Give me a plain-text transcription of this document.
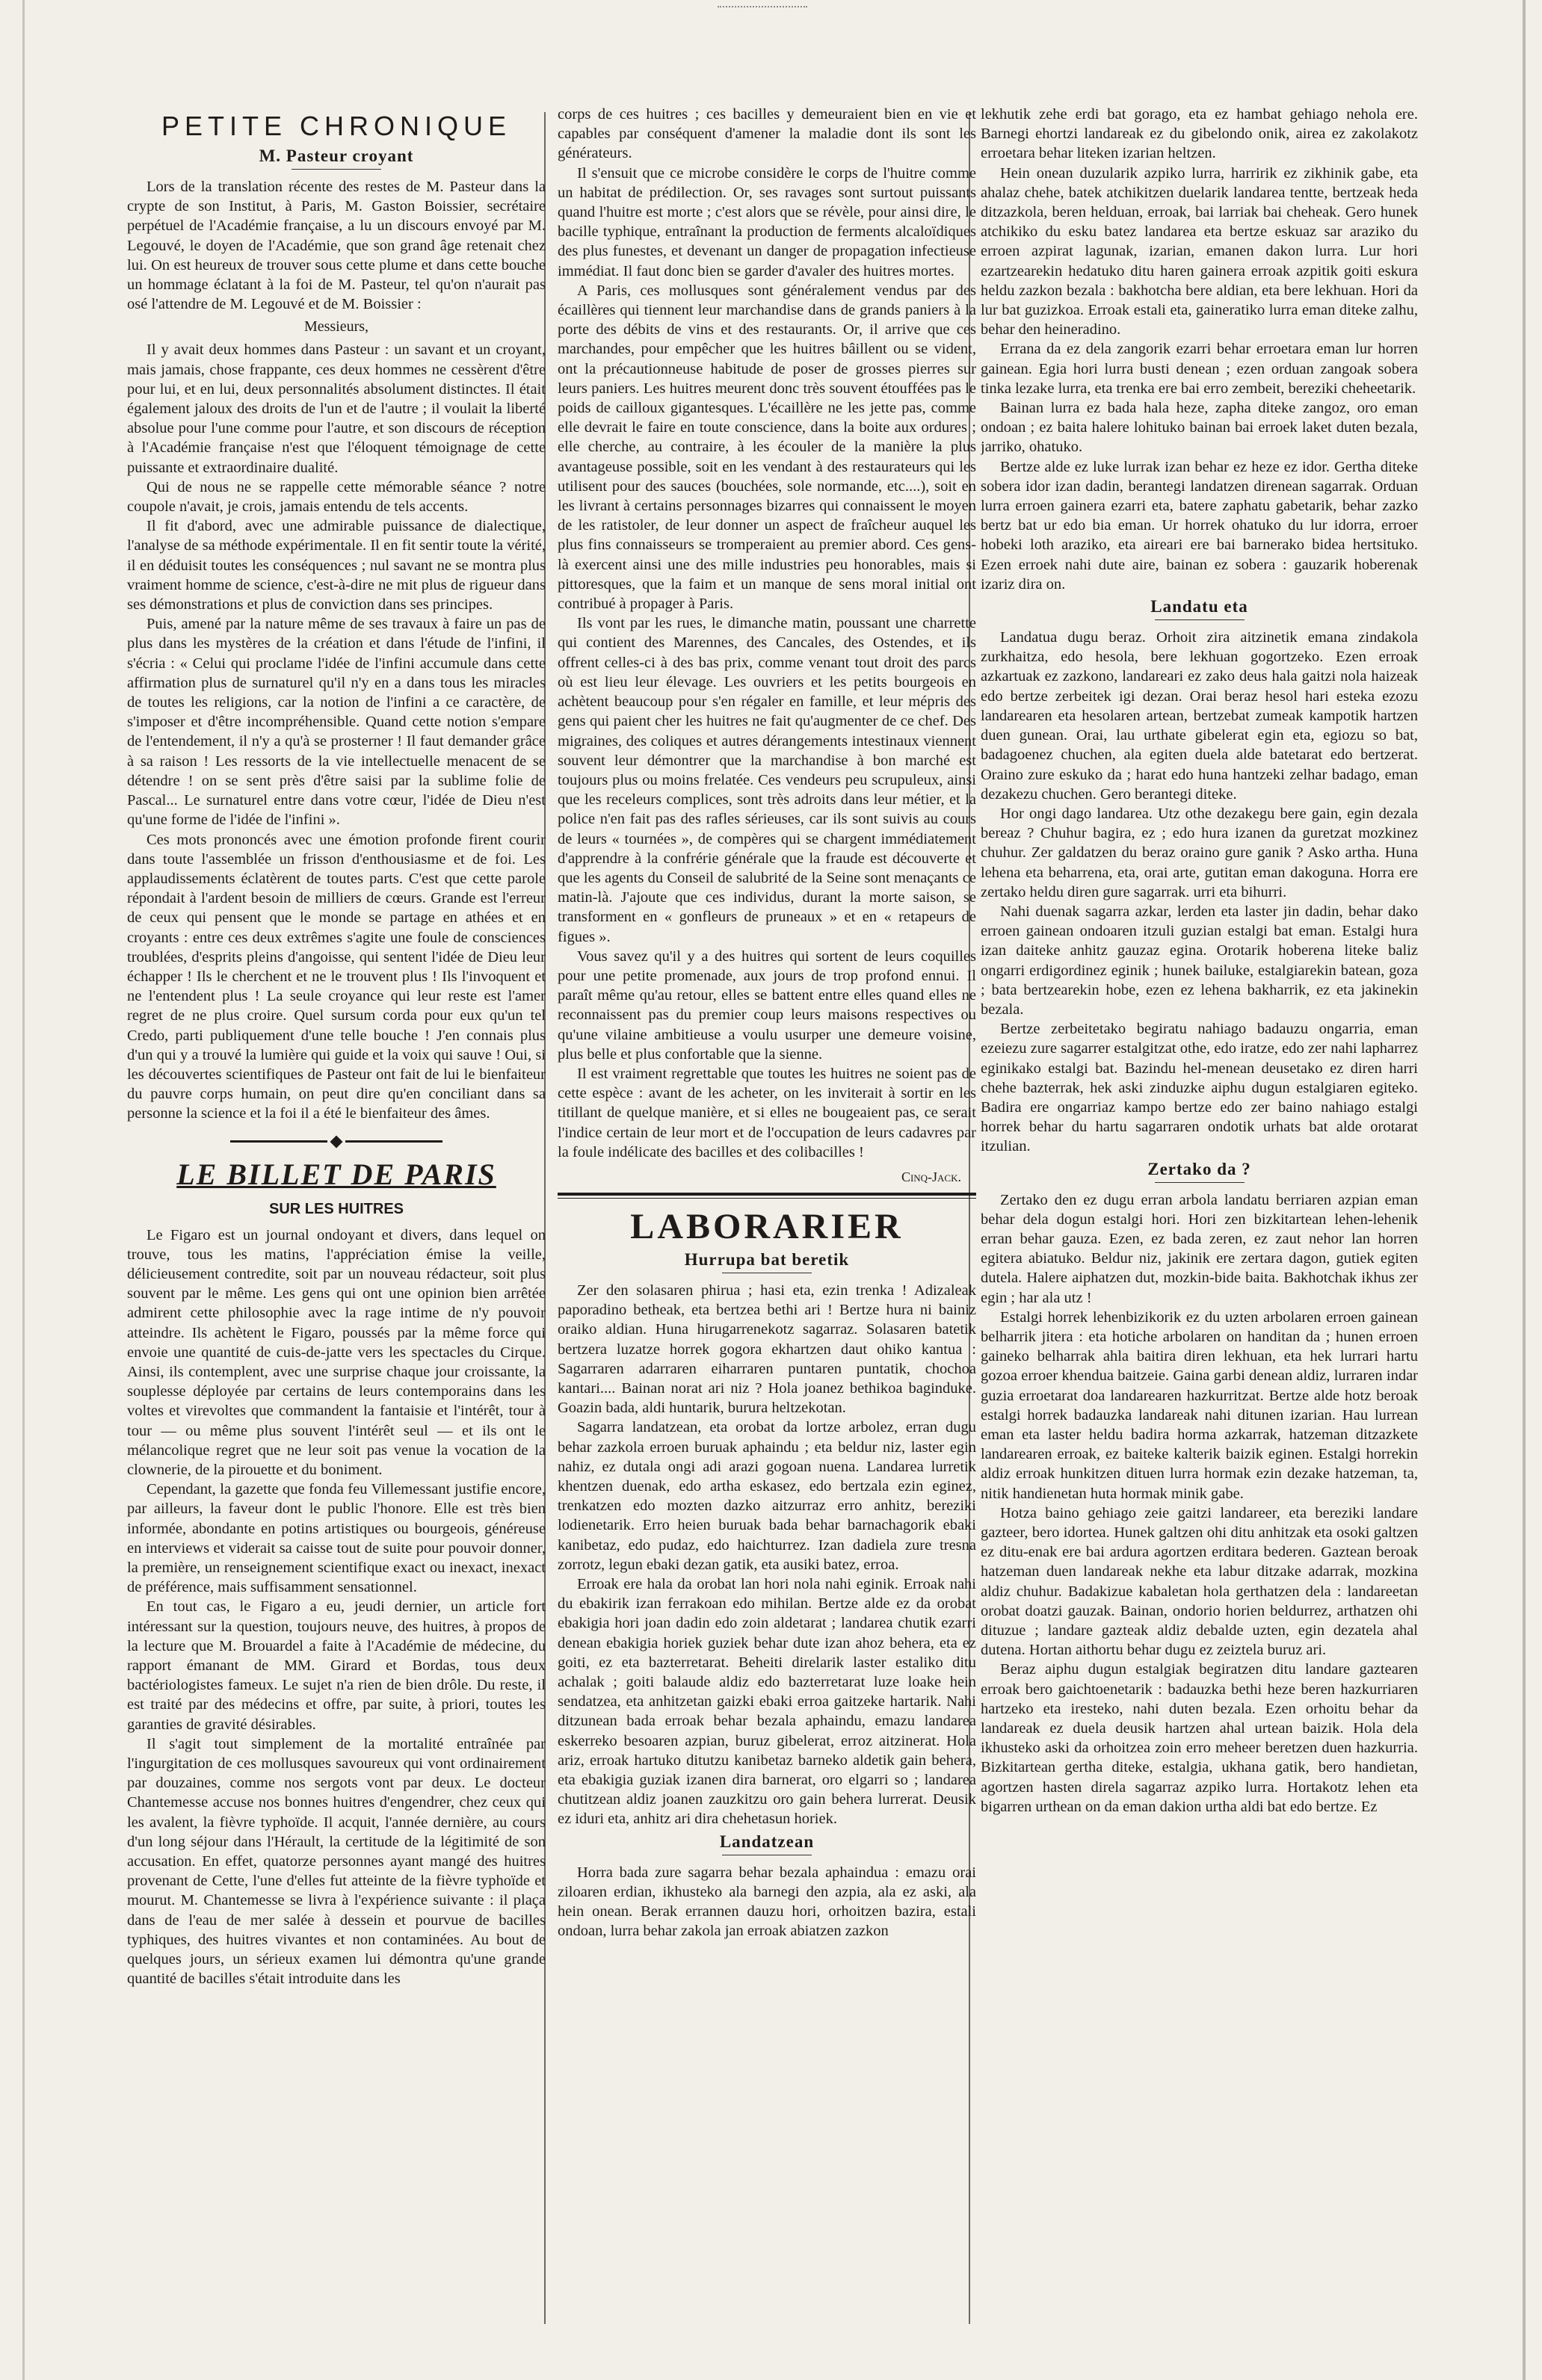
PETITE CHRONIQUE
M. Pasteur croyant

Lors de la translation récente des restes de M. Pasteur dans la crypte de son Institut, à Paris, M. Gaston Boissier, secrétaire perpétuel de l'Académie française, a lu un discours envoyé par M. Legouvé, le doyen de l'Académie, que son grand âge retenait chez lui. On est heureux de trouver sous cette plume et dans cette bouche un hommage éclatant à la foi de M. Pasteur, tel qu'on n'aurait pas osé l'attendre de M. Legouvé et de M. Boissier :

Messieurs,

Il y avait deux hommes dans Pasteur : un savant et un croyant, mais jamais, chose frappante, ces deux hommes ne cessèrent d'être pour lui, et en lui, deux personnalités absolument distinctes. Il était également jaloux des droits de l'un et de l'autre ; il voulait la liberté absolue pour l'une comme pour l'autre, et son discours de réception à l'Académie française n'est que l'éloquent témoignage de cette puissante et extraordinaire dualité.

Qui de nous ne se rappelle cette mémorable séance ? notre coupole n'avait, je crois, jamais entendu de tels accents.

Il fit d'abord, avec une admirable puissance de dialectique, l'analyse de sa méthode expérimentale. Il en fit sentir toute la vérité, il en déduisit toutes les conséquences ; nul savant ne se montra plus vraiment homme de science, c'est-à-dire ne mit plus de rigueur dans ses démonstrations et plus de conviction dans ses principes.

Puis, amené par la nature même de ses travaux à faire un pas de plus dans les mystères de la création et dans l'étude de l'infini, il s'écria : « Celui qui proclame l'idée de l'infini accumule dans cette affirmation plus de surnaturel qu'il n'y en a dans tous les miracles de toutes les religions, car la notion de l'infini a ce caractère, de s'imposer et d'être incompréhensible. Quand cette notion s'empare de l'entendement, il n'y a qu'à se prosterner ! Il faut demander grâce à sa raison ! Les ressorts de la vie intellectuelle menacent de se détendre ! on se sent près d'être saisi par la sublime folie de Pascal... Le surnaturel entre dans votre cœur, l'idée de Dieu n'est qu'une forme de l'idée de l'infini ».

Ces mots prononcés avec une émotion profonde firent courir dans toute l'assemblée un frisson d'enthousiasme et de foi. Les applaudissements éclatèrent de toutes parts. C'est que cette parole répondait à l'ardent besoin de milliers de cœurs. Grande est l'erreur de ceux qui pensent que le monde se partage en athées et en croyants : entre ces deux extrêmes s'agite une foule de consciences troublées, d'esprits pleins d'angoisse, qui sentent l'idée de Dieu leur échapper ! Ils le cherchent et ne le trouvent plus ! Ils l'invoquent et ne l'entendent plus ! La seule croyance qui leur reste est l'amer regret de ne plus croire. Quel sursum corda pour eux qu'un tel Credo, parti publiquement d'une telle bouche ! J'en connais plus d'un qui y a trouvé la lumière qui guide et la voix qui sauve ! Oui, si les découvertes scientifiques de Pasteur ont fait de lui le bienfaiteur du pauvre corps humain, on peut dire qu'en conciliant dans sa personne la science et la foi il a été le bienfaiteur des âmes.

LE BILLET DE PARIS
SUR LES HUITRES

Le Figaro est un journal ondoyant et divers, dans lequel on trouve, tous les matins, l'appréciation émise la veille, délicieusement contredite, soit par un nouveau rédacteur, soit plus souvent par le même. Les gens qui ont une opinion bien arrêtée admirent cette philosophie avec la rage intime de n'y pouvoir atteindre. Ils achètent le Figaro, poussés par la même force qui envoie une quantité de cuis-de-jatte vers les spectacles du Cirque. Ainsi, ils contemplent, avec une surprise chaque jour croissante, la souplesse déployée par certains de leurs contemporains dans les voltes et virevoltes que commandent la fantaisie et l'intérêt, tour à tour — ou même plus souvent l'intérêt seul — et ils ont le mélancolique regret que ne leur soit pas venue la vocation de la clownerie, de la pirouette et du boniment.

Cependant, la gazette que fonda feu Villemessant justifie encore, par ailleurs, la faveur dont le public l'honore. Elle est très bien informée, abondante en potins artistiques ou bourgeois, généreuse en interviews et viderait sa caisse tout de suite pour pouvoir donner, la première, un renseignement scientifique exact ou inexact, inexact de préférence, mais suffisamment sensationnel.

En tout cas, le Figaro a eu, jeudi dernier, un article fort intéressant sur la question, toujours neuve, des huitres, à propos de la lecture que M. Brouardel a faite à l'Académie de médecine, du rapport émanant de MM. Girard et Bordas, tous deux bactériologistes fameux. Le sujet n'a rien de bien drôle. Du reste, il est traité par des médecins et offre, par suite, à priori, toutes les garanties de gravité désirables.

Il s'agit tout simplement de la mortalité entraînée par l'ingurgitation de ces mollusques savoureux qui vont ordinairement par douzaines, comme nos sergots vont par deux. Le docteur Chantemesse accuse nos bonnes huitres d'engendrer, chez ceux qui les avalent, la fièvre typhoïde. Il acquit, l'année dernière, au cours d'un long séjour dans l'Hérault, la certitude de la légitimité de son accusation. En effet, quatorze personnes ayant mangé des huitres provenant de Cette, l'une d'elles fut atteinte de la fièvre typhoïde et mourut. M. Chantemesse se livra à l'expérience suivante : il plaça dans de l'eau de mer salée à dessein et pourvue de bacilles typhiques, des huitres vivantes et non contaminées. Au bout de quelques jours, un sérieux examen lui démontra qu'une grande quantité de bacilles s'était introduite dans les

corps de ces huitres ; ces bacilles y demeuraient bien en vie et capables par conséquent d'amener la maladie dont ils sont les générateurs.

Il s'ensuit que ce microbe considère le corps de l'huitre comme un habitat de prédilection. Or, ses ravages sont surtout puissants quand l'huitre est morte ; c'est alors que se révèle, pour ainsi dire, le bacille typhique, entraînant la production de ferments alcaloïdiques des plus funestes, et devenant un danger de propagation infectieuse immédiat. Il faut donc bien se garder d'avaler des huitres mortes.

A Paris, ces mollusques sont généralement vendus par des écaillères qui tiennent leur marchandise dans de grands paniers à la porte des débits de vins et des restaurants. Or, il arrive que ces marchandes, pour empêcher que les huitres bâillent ou se vident, ont la précautionneuse habitude de poser de grosses pierres sur leurs paniers. Les huitres meurent donc très souvent étouffées pas le poids de cailloux gigantesques. L'écaillère ne les jette pas, comme elle devrait le faire en toute conscience, dans la boite aux ordures ; elle cherche, au contraire, à les écouler de la manière la plus avantageuse possible, soit en les vendant à des restaurateurs qui les utilisent pour des sauces (bouchées, sole normande, etc....), soit en les livrant à certains personnages bizarres qui connaissent le moyen de les ratistoler, de leur donner un aspect de fraîcheur auquel les plus fins connaisseurs se tromperaient au premier abord. Ces gens-là exercent ainsi une des mille industries peu honorables, mais si pittoresques, que la faim et un manque de sens moral initial ont contribué à propager à Paris.

Ils vont par les rues, le dimanche matin, poussant une charrette qui contient des Marennes, des Cancales, des Ostendes, et ils offrent celles-ci à des bas prix, comme venant tout droit des parcs où est lieu leur élevage. Les ouvriers et les petits bourgeois en achètent beaucoup pour s'en régaler en famille, et leur mépris des gens qui paient cher les huitres ne fait qu'augmenter de ce chef. Des migraines, des coliques et autres dérangements intestinaux viennent souvent leur démontrer que la marchandise à bon marché est toujours plus ou moins frelatée. Ces vendeurs peu scrupuleux, ainsi que les receleurs complices, sont très adroits dans leur métier, et la police n'en fait pas des rafles sérieuses, car ils sont suivis au cours de leurs « tournées », de compères qui se chargent immédiatement d'apprendre à la confrérie générale que la fraude est découverte et que les agents du Conseil de salubrité de la Seine sont menaçants ce matin-là. J'ajoute que ces individus, durant la morte saison, se transforment en « gonfleurs de pruneaux » et en « retapeurs de figues ».

Vous savez qu'il y a des huitres qui sortent de leurs coquilles pour une petite promenade, aux jours de trop profond ennui. Il paraît même qu'au retour, elles se battent entre elles quand elles ne reconnaissent pas du premier coup leurs maisons respectives ou qu'une vilaine ambitieuse a voulu usurper une demeure voisine, plus belle et plus confortable que la sienne.

Il est vraiment regrettable que toutes les huitres ne soient pas de cette espèce : avant de les acheter, on les inviterait à sortir en les titillant de quelque manière, et si elles ne bougeaient pas, ce serait l'indice certain de leur mort et de l'occupation de leurs cadavres par la foule indélicate des bacilles et des colibacilles !

Cinq-Jack.
LABORARIER
Hurrupa bat beretik

Zer den solasaren phirua ; hasi eta, ezin trenka ! Adizaleak paporadino betheak, eta bertzea bethi ari ! Bertze hura ni bainiz oraiko aldian. Huna hirugarrenekotz sagarraz. Solasaren batetik bertzera luzatze horrek gogora ekhartzen daut ohiko kantua : Sagarraren adarraren eiharraren puntaren puntatik, chochoa kantari.... Bainan norat ari niz ? Hola joanez bethikoa baginduke. Goazin bada, aldi huntarik, burura heltzekotan.

Sagarra landatzean, eta orobat da lortze arbolez, erran dugu behar zazkola erroen buruak aphaindu ; eta beldur niz, laster egin nahiz, ez dutala ongi adi arazi gogoan nuena. Landarea lurretik khentzen duenak, edo artha eskasez, edo bertzala ezin eginez, trenkatzen edo mozten dazko aitzurraz erro anhitz, bereziki lodienetarik. Erro heien buruak bada behar barnachagorik ebaki kanibetaz, edo pudaz, edo haichturrez. Izan dadiela zure tresna zorrotz, legun ebaki dezan gatik, eta ausiki batez, erroa.

Erroak ere hala da orobat lan hori nola nahi eginik. Erroak nahi du ebakirik izan ferrakoan edo mihilan. Bertze alde ez da orobat ebakigia hori joan dadin edo zoin aldetarat ; landarea chutik ezarri denean ebakigia horiek guziek behar dute izan ahoz behera, eta ez goiti, ez eta bazterretarat. Beheiti direlarik laster estaliko ditu achalak ; goiti balaude aldiz edo bazterretarat luze loake hein sendatzea, eta anhitzetan gaizki ebaki erroa gaitzeke hartarik. Nahi ditzunean bada erroak behar bezala aphaindu, emazu landarea eskerreko besoaren azpian, buruz gibelerat, erroz aitzinerat. Hola ariz, erroak hartuko ditutzu kanibetaz barneko aldetik gain behera, eta ebakigia guziak izanen dira barnerat, oro elgarri so ; landarea chutitzean aldiz joanen zauzkitzu oro gain behera lurrerat. Deusik ez iduri eta, anhitz ari dira chehetasun horiek.

Landatzean

Horra bada zure sagarra behar bezala aphaindua : emazu orai ziloaren erdian, ikhusteko ala barnegi den azpia, ala ez aski, ala hein onean. Berak errannen dauzu hori, orhoitzen bazira, estali ondoan, lurra behar zakola jan erroak abiatzen zazkon

lekhutik zehe erdi bat gorago, eta ez hambat gehiago nehola ere. Barnegi ehortzi landareak ez du gibelondo onik, airea ez zakolakotz erroetara behar liteken izarian heltzen.

Hein onean duzularik azpiko lurra, harririk ez zikhinik gabe, eta ahalaz chehe, batek atchikitzen duelarik landarea tentte, bertzeak heda ditzazkola, beren helduan, erroak, bai larriak bai cheheak. Gero hunek atchikiko du esku batez landarea eta bertze eskuaz sar araziko du erroen azpirat lagunak, izarian, emanen dakon lurra. Lur hori ezartzearekin hedatuko ditu haren gainera erroak azpitik goiti eskura heldu zazkon bezala : bakhotcha bere aldian, eta bere lekhuan. Hori da lur bat guzizkoa. Erroak estali eta, gaineratiko lurra eman diteke zalhu, behar den heineradino.

Errana da ez dela zangorik ezarri behar erroetara eman lur horren gainean. Egia hori lurra busti denean ; ezen orduan zangoak sobera tinka lezake lurra, eta trenka ere bai erro zembeit, bereziki cheheetarik.

Bainan lurra ez bada hala heze, zapha diteke zangoz, oro eman ondoan ; ez baita halere lohituko bainan bai erroek laket duten bezala, jarriko, ohatuko.

Bertze alde ez luke lurrak izan behar ez heze ez idor. Gertha diteke sobera idor izan dadin, berantegi landatzen direnean sagarrak. Orduan lurra erroen gainera ezarri eta, batere zaphatu gabetarik, behar zazko bertz bat ur edo bia eman. Ur horrek ohatuko du lur idorra, erroer hobeki loth araziko, eta aireari ere bai barnerako bidea hertsituko. Ezen erroek nahi dute aire, bainan ez sobera : gauzarik hoberenak izariz dira on.

Landatu eta

Landatua dugu beraz. Orhoit zira aitzinetik emana zindakola zurkhaitza, edo hesola, bere lekhuan gogortzeko. Ezen erroak azkartuak ez zazkono, landareari ez zako deus hala gaitzi nola haizeak edo bertze zerbeitek igi dezan. Orai beraz hesol hari esteka ezozu landarearen eta hesolaren artean, bertzebat zumeak kampotik hartzen duen gunean. Orai, lau urthate gibelerat egin eta, egiozu so bat, badagoenez chuchen, ala egiten duela alde batetarat edo bertzerat. Oraino zure eskuko da ; harat edo huna hantzeki zelhar badago, eman dezakezu chuchen. Gero berantegi diteke.

Hor ongi dago landarea. Utz othe dezakegu bere gain, egin dezala bereaz ? Chuhur bagira, ez ; edo hura izanen da guretzat mozkinez chuhur. Zer galdatzen du beraz oraino gure ganik ? Asko artha. Huna lehena eta beharrena, eta, orai arte, gutitan eman dakoguna. Horra ere zertako heldu diren gure sagarrak. urri eta bihurri.

Nahi duenak sagarra azkar, lerden eta laster jin dadin, behar dako erroen gainean ondoaren itzuli guzian estalgi bat eman. Estalgi hura izan daiteke anhitz gauzaz egina. Orotarik hoberena liteke baliz ongarri erdigordinez eginik ; hunek bailuke, estalgiarekin batean, goza ; bata bertzearekin hobe, ezen ez lehena bakharrik, ez eta jakinekin bezala.

Bertze zerbeitetako begiratu nahiago badauzu ongarria, eman ezeiezu zure sagarrer estalgitzat othe, edo iratze, edo zer nahi lapharrez eginikako estalgi bat. Bazindu hel-menean deusetako ez diren harri chehe bazterrak, hek aski zinduzke aiphu dugun estalgiaren egiteko. Badira ere ongarriaz kampo bertze edo zer baino nahiago estalgi horrek behar du hartu sagarraren ondotik urhats bat alde orotarat itzulian.

Zertako da ?

Zertako den ez dugu erran arbola landatu berriaren azpian eman behar dela dogun estalgi hori. Hori zen bizkitartean lehen-lehenik erran behar gauza. Ezen, ez bada zeren, ez zaut nehor lan horren egitera abiatuko. Beldur niz, jakinik ere zertara dagon, gutiek egiten dutela. Halere aiphatzen dut, mozkin-bide baita. Bakhotchak ikhus zer egin ; har ala utz !

Estalgi horrek lehenbizikorik ez du uzten arbolaren erroen gainean belharrik jitera : eta hotiche arbolaren on handitan da ; hunen erroen gaineko belharrak ahla baitira diren lekhuan, eta hek lurrari hartu gozoa erroer khendua baitzeie. Gaina garbi denean aldiz, lurraren indar guzia erroetarat doa landarearen hazkurritzat. Bertze alde hotz beroak estalgi horrek badauzka landareak nahi ditunen izarian. Hau lurrean eman eta laster heldu badira horma azkarrak, hatzeman ditzazkete landarearen erroak, ez baiteke kalterik baizik eginen. Estalgi horrekin aldiz erroak hunkitzen dituen lurra hormak ezin dezake hatzeman, ta, nitik handienetan huta hormak minik gabe.

Hotza baino gehiago zeie gaitzi landareer, eta bereziki landare gazteer, bero idortea. Hunek galtzen ohi ditu anhitzak eta osoki galtzen ez ditu-enak ere bai ardura agortzen erditara bederen. Gaztean beroak hatzeman duen landareak nekhe eta labur ditzake adarrak, mozkina aldiz chuhur. Badakizue kabaletan hola gerthatzen dela : landareetan orobat doatzi gauzak. Bainan, ondorio horien beldurrez, arthatzen ohi dituzue ; landare gazteak aldiz debalde uzten, egin dezatela ahal dutena. Hortan aithortu behar dugu ez zeiztela buruz ari.

Beraz aiphu dugun estalgiak begiratzen ditu landare gaztearen erroak bero gaichtoenetarik : badauzka bethi heze beren hazkurriaren hartzeko eta iresteko, nahi duten bezala. Ezen orhoitu behar da landareak ez duela deusik hartzen ahal urtean baizik. Hola dela ikhusteko aski da orhoitzea zoin erro meheer beretzen duen hazkurria. Bizkitartean gertha diteke, estalgia, ukhana gatik, bero handietan, agortzen hasten direla sagarraz azpiko lurra. Hortakotz lehen eta bigarren urthean on da eman dakion urtha aldi bat edo bertze. Ez
